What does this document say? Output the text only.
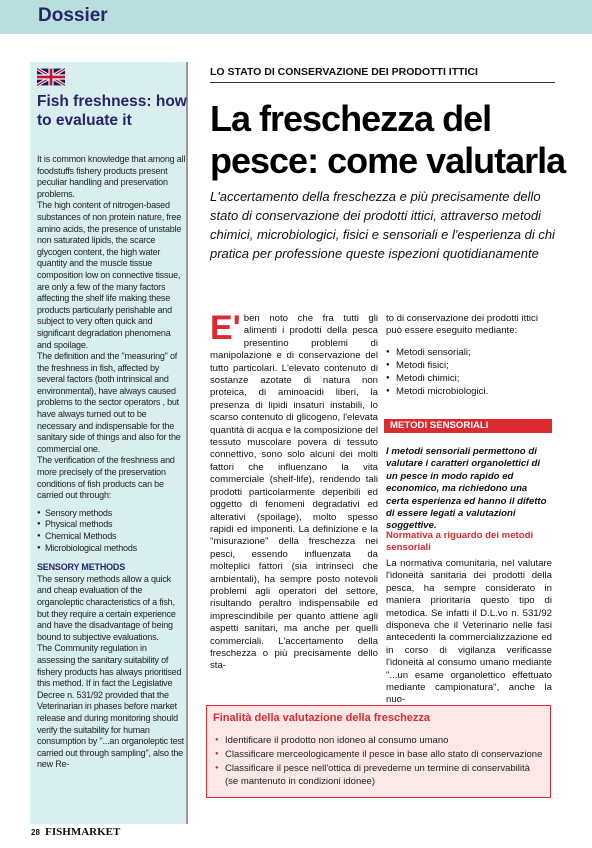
Dossier
Fish freshness: how to evaluate it

It is common knowledge that among all foodstuffs fishery products present peculiar handling and preservation problems.

The high content of nitrogen-based substances of non protein nature, free amino acids, the presence of unstable non saturated lipids, the scarce glycogen content, the high water quantity and the muscle tissue composition low on connective tissue, are only a few of the many factors affecting the shelf life making these products particularly perishable and subject to very often quick and significant degradation phenomena and spoilage.

The definition and the "measuring" of the freshness in fish, affected by several factors (both intrinsical and environmental), have always caused problems to the sector operators , but have always turned out to be necessary and indispensable for the sanitary side of things and also for the commercial one.

The verification of the freshness and more precisely of the preservation conditions of fish products can be carried out through:

● Sensory methods
● Physical methods
● Chemical Methods
● Microbiological methods

SENSORY METHODS

The sensory methods allow a quick and cheap evaluation of the organoleptic characteristics of a fish, but they require a certain experience and have the disadvantage of being bound to subjective evaluations.

The Community regulation in assessing the sanitary suitability of fishery products has always prioritised this method. If in fact the Legislative Decree n. 531/92 provided that the Veterinarian in phases before market release and during monitoring should verify the suitability for human consumption by "...an organoleptic test carried out through sampling", also the new Re-

LO STATO DI CONSERVAZIONE DEI PRODOTTI ITTICI
La freschezza del pesce: come valutarla
L'accertamento della freschezza e più precisamente dello stato di conservazione dei prodotti ittici, attraverso metodi chimici, microbiologici, fisici e sensoriali e l'esperienza di chi pratica per professione queste ispezioni quotidianamente
E' ben noto che fra tutti gli alimenti i prodotti della pesca presentino problemi di manipolazione e di conservazione del tutto particolari. L'elevato contenuto di sostanze azotate di natura non proteica, di aminoacidi liberi, la presenza di lipidi insaturi instabili, lo scarso contenuto di glicogeno, l'elevata quantità di acqua e la composizione del tessuto muscolare povera di tessuto connettivo, sono solo alcuni dei molti fattori che influenzano la vita commerciale (shelf-life), rendendo tali prodotti particolarmente deperibili ed oggetto di fenomeni degradativi ed alterativi (spoilage), molto spesso rapidi ed imponenti. La definizione e la "misurazione" della freschezza nei pesci, essendo influenzata da molteplici fattori (sia intrinseci che ambientali), ha sempre posto notevoli problemi agli operatori del settore, risultando peraltro indispensabile ed imprescindibile per quanto attiene agli aspetti sanitari, ma anche per quelli commerciali. L'accertamento della freschezza o più precisamente dello sta-

to di conservazione dei prodotti ittici può essere eseguito mediante:

● Metodi sensoriali;
● Metodi fisici;
● Metodi chimici;
● Metodi microbiologici.
METODI SENSORIALI
I metodi sensoriali permettono di valutare i caratteri organolettici di un pesce in modo rapido ed economico, ma richiedono una certa esperienza ed hanno il difetto di essere legati a valutazioni soggettive.
Normativa a riguardo dei metodi sensoriali
La normativa comunitaria, nel valutare l'idoneità sanitaria dei prodotti della pesca, ha sempre considerato in maniera prioritaria questo tipo di metodica. Se infatti il D.L.vo n. 531/92 disponeva che il Veterinario nelle fasi antecedenti la commercializzazione ed in corso di vigilanza verificasse l'idoneità al consumo umano mediante "...un esame organolettico effettuato mediante campionatura", anche la nuo-
Finalità della valutazione della freschezza
● Identificare il prodotto non idoneo al consumo umano
● Classificare merceologicamente il pesce in base allo stato di conservazione
● Classificare il pesce nell'ottica di prevederne un termine di conservabilità (se mantenuto in condizioni idonee)
28 FISHMARKET
